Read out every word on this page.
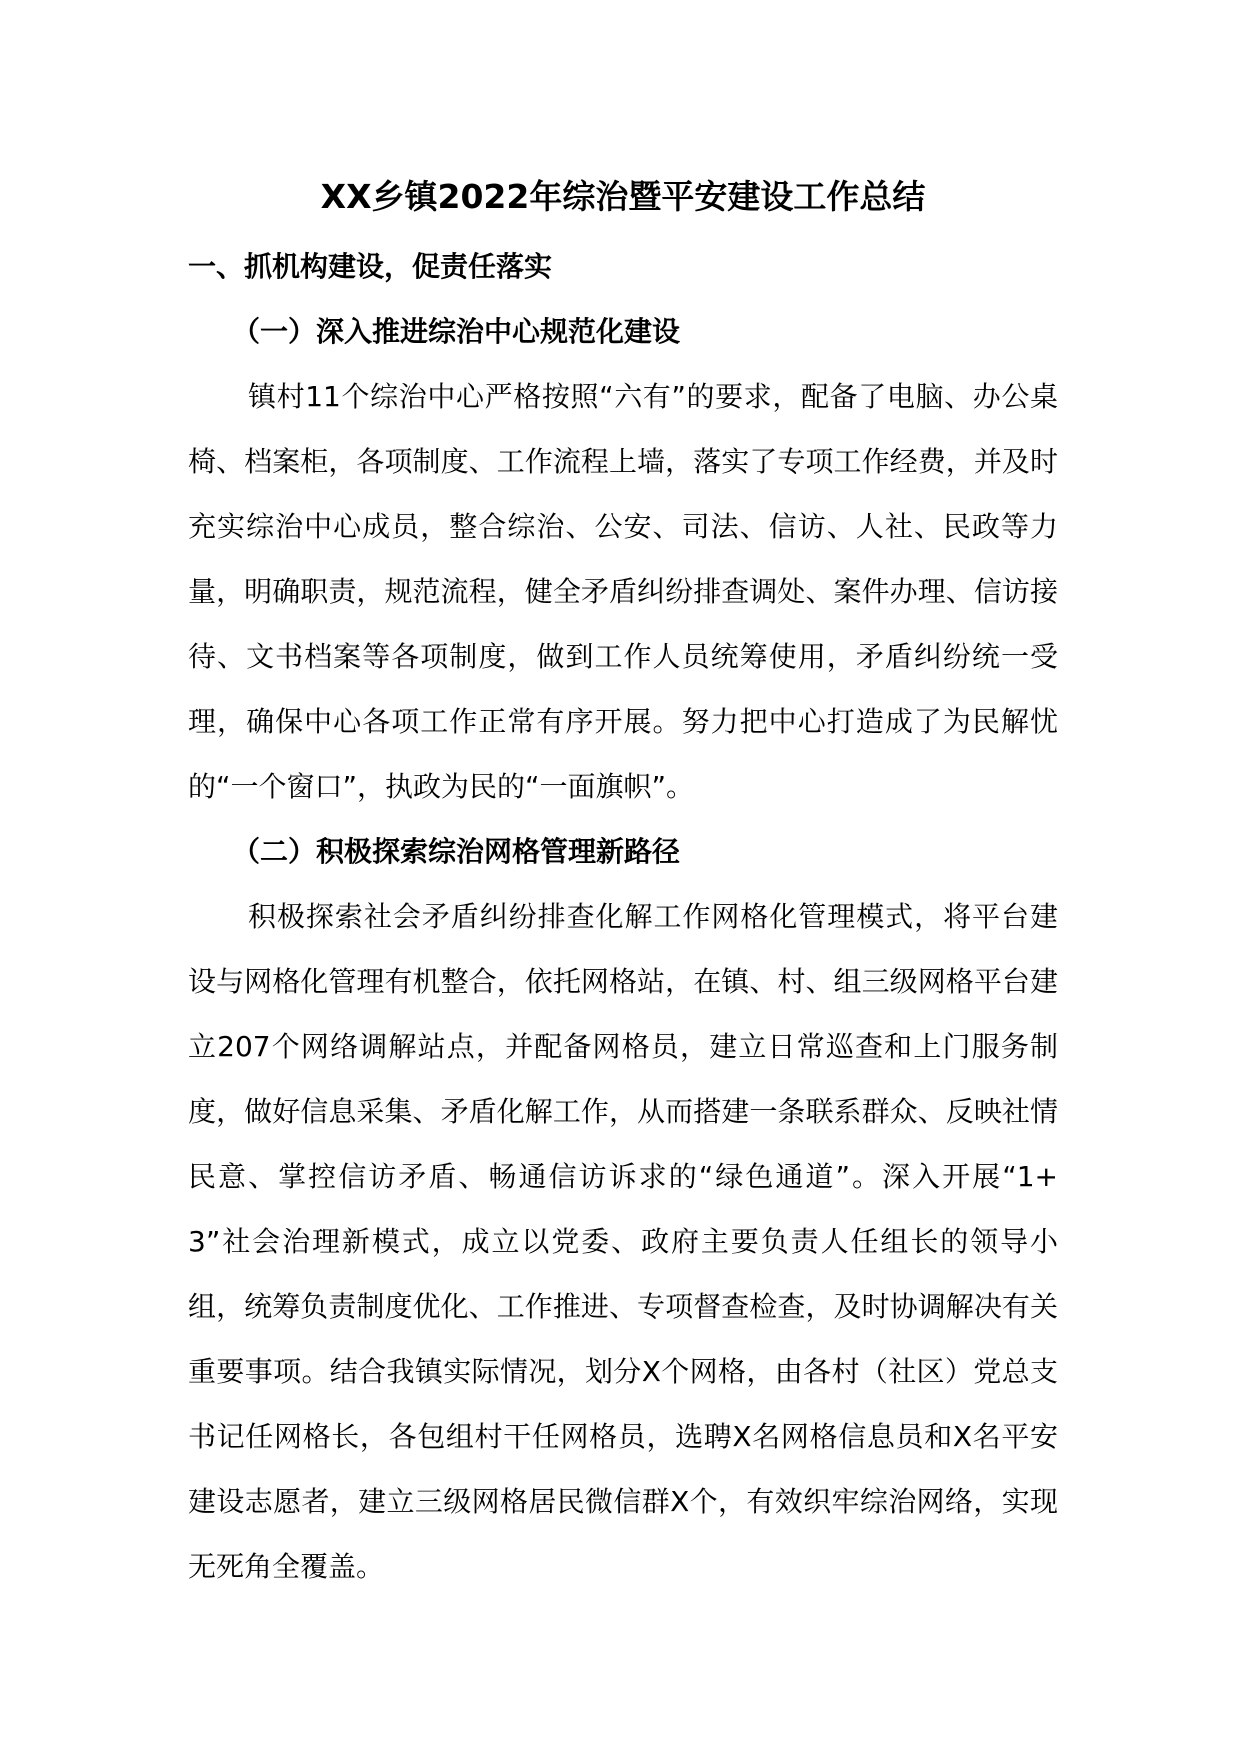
XX乡镇2022年综治暨平安建设工作总结
一、抓机构建设，促责任落实
（一）深入推进综治中心规范化建设

镇村11个综治中心严格按照“六有”的要求，配备了电脑、办公桌椅、档案柜，各项制度、工作流程上墙，落实了专项工作经费，并及时充实综治中心成员，整合综治、公安、司法、信访、人社、民政等力量，明确职责，规范流程，健全矛盾纠纷排查调处、案件办理、信访接待、文书档案等各项制度，做到工作人员统筹使用，矛盾纠纷统一受理，确保中心各项工作正常有序开展。努力把中心打造成了为民解忧的“一个窗口”，执政为民的“一面旗帜”。

（二）积极探索综治网格管理新路径

积极探索社会矛盾纠纷排查化解工作网格化管理模式，将平台建设与网格化管理有机整合，依托网格站，在镇、村、组三级网格平台建立207个网络调解站点，并配备网格员，建立日常巡查和上门服务制度，做好信息采集、矛盾化解工作，从而搭建一条联系群众、反映社情民意、掌控信访矛盾、畅通信访诉求的“绿色通道”。深入开展“1+3”社会治理新模式，成立以党委、政府主要负责人任组长的领导小组，统筹负责制度优化、工作推进、专项督查检查，及时协调解决有关重要事项。结合我镇实际情况，划分X个网格，由各村（社区）党总支书记任网格长，各包组村干任网格员，选聘X名网格信息员和X名平安建设志愿者，建立三级网格居民微信群X个，有效织牢综治网络，实现无死角全覆盖。
